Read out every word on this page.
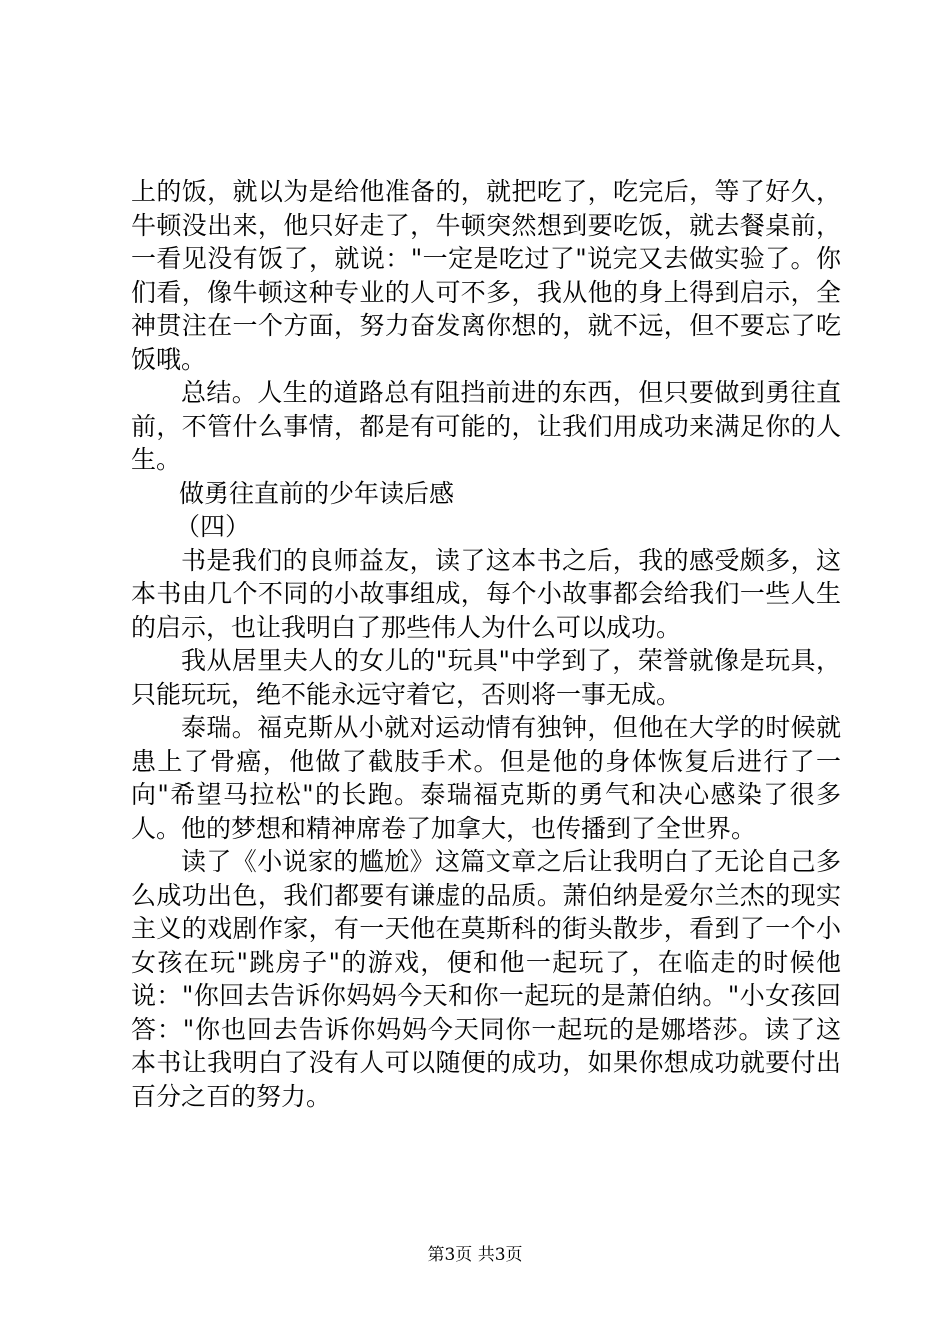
上的饭，就以为是给他准备的，就把吃了，吃完后，等了好久，牛顿没出来，他只好走了，牛顿突然想到要吃饭，就去餐桌前，一看见没有饭了，就说："一定是吃过了"说完又去做实验了。你们看，像牛顿这种专业的人可不多，我从他的身上得到启示，全神贯注在一个方面，努力奋发离你想的，就不远，但不要忘了吃饭哦。

总结。人生的道路总有阻挡前进的东西，但只要做到勇往直前，不管什么事情，都是有可能的，让我们用成功来满足你的人生。

做勇往直前的少年读后感

（四）

书是我们的良师益友，读了这本书之后，我的感受颇多，这本书由几个不同的小故事组成，每个小故事都会给我们一些人生的启示，也让我明白了那些伟人为什么可以成功。

我从居里夫人的女儿的"玩具"中学到了，荣誉就像是玩具，只能玩玩，绝不能永远守着它，否则将一事无成。

泰瑞。福克斯从小就对运动情有独钟，但他在大学的时候就患上了骨癌，他做了截肢手术。但是他的身体恢复后进行了一向"希望马拉松"的长跑。泰瑞福克斯的勇气和决心感染了很多人。他的梦想和精神席卷了加拿大，也传播到了全世界。

读了《小说家的尴尬》这篇文章之后让我明白了无论自己多么成功出色，我们都要有谦虚的品质。萧伯纳是爱尔兰杰的现实主义的戏剧作家，有一天他在莫斯科的街头散步，看到了一个小女孩在玩"跳房子"的游戏，便和他一起玩了，在临走的时候他说："你回去告诉你妈妈今天和你一起玩的是萧伯纳。"小女孩回答："你也回去告诉你妈妈今天同你一起玩的是娜塔莎。读了这本书让我明白了没有人可以随便的成功，如果你想成功就要付出百分之百的努力。

第3页 共3页
